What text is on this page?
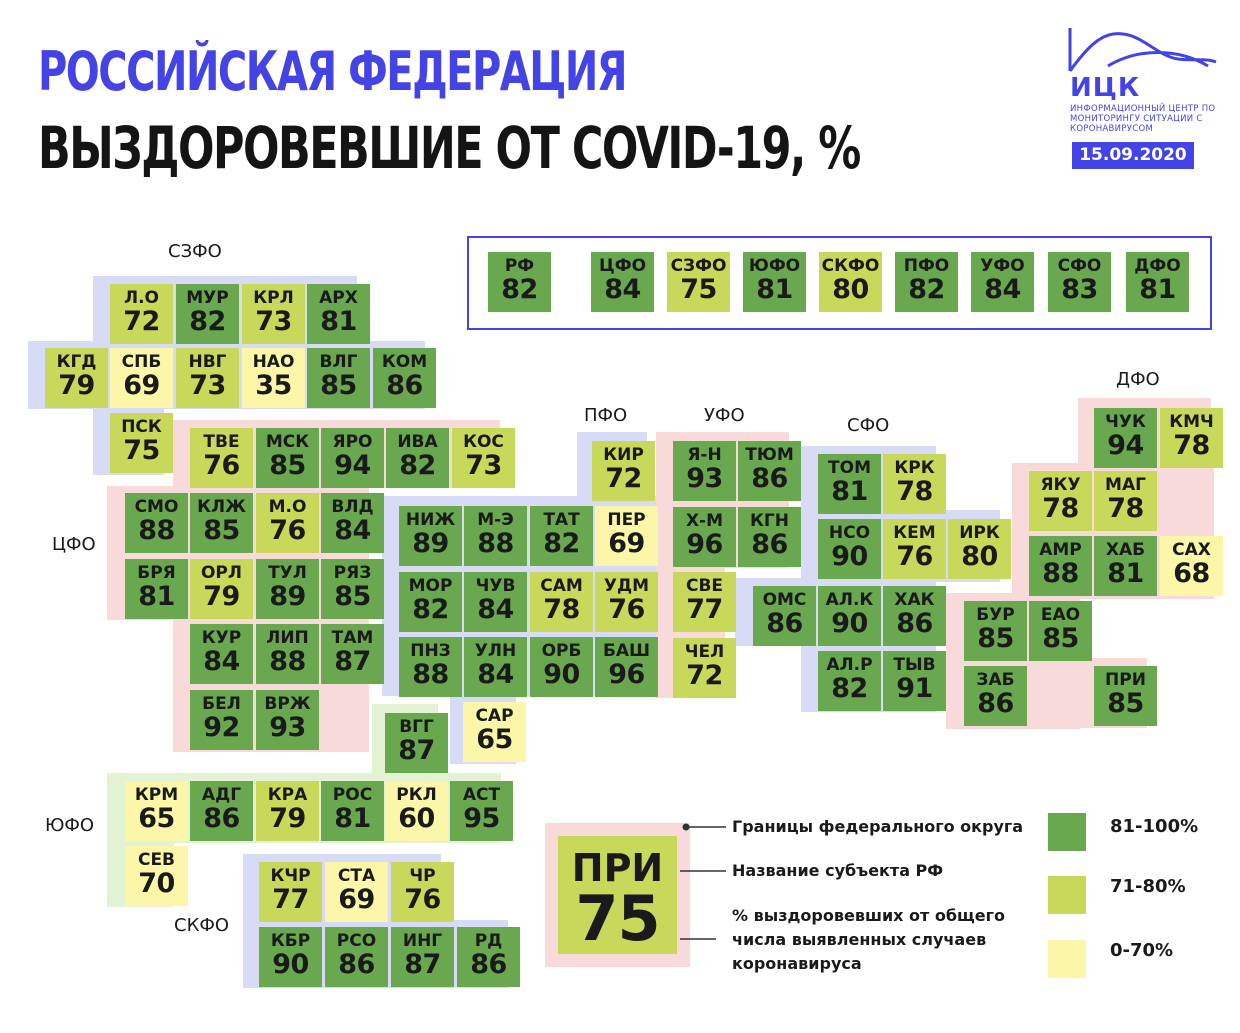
РОССИЙСКАЯ ФЕДЕРАЦИЯ
ВЫЗДОРОВЕВШИЕ ОТ COVID-19, %
ИЦК
ИНФОРМАЦИОННЫЙ ЦЕНТР ПО МОНИТОРИНГУ СИТУАЦИИ С КОРОНАВИРУСОМ
15.09.2020
РФ
82
ЦФО
84
СЗФО
75
ЮФО
81
СКФО
80
ПФО
82
УФО
84
СФО
83
ДФО
81
Л.О
72
МУР
82
КРЛ
73
АРХ
81
КГД
79
СПБ
69
НВГ
73
НАО
35
ВЛГ
85
КОМ
86
ПСК
75	ТВЕ
76
МСК
85
ЯРО
94
ИВА
82
КОС
73
СМО
88
КЛЖ
85
М.О
76
ВЛД
84
БРЯ
81
ОРЛ
79
ТУЛ
89
РЯЗ
85
КУР
84
ЛИП
88
ТАМ
87
БЕЛ
92
ВРЖ
93
КИР
72
НИЖ
89
М-Э
88
ТАТ
82
ПЕР
69
МОР
82
ЧУВ
84
САМ
78
УДМ
76
ПНЗ
88
УЛН
84
ОРБ
90
БАШ
96
САР
65
Я-Н
93
ТЮМ
86
Х-М
96
КГН
86
СВЕ
77
ЧЕЛ
72
ТОМ
81
КРК
78
НСО
90
КЕМ
76
ИРК
80
ОМС
86
АЛ.К
90
ХАК
86
АЛ.Р
82
ТЫВ
91
ЧУК
94
КМЧ
78
ЯКУ
78
МАГ
78
АМР
88
ХАБ
81
САХ
68
БУР
85
ЕАО
85
ЗАБ
86
ПРИ
85
ВГГ
87
КРМ
65
АДГ
86
КРА
79
РОС
81
РКЛ
60
АСТ
95
СЕВ
70	КЧР
77
СТА
69
ЧР
76
КБР
90
РСО
86
ИНГ
87
РД
86
СЗФО
ЦФО
ПФО	УФО	СФО
ДФО
ЮФО
СКФО
ПРИ
75
Границы федерального округа
Название субъекта РФ
% выздоровевших от общего числа выявленных случаев коронавируса
81-100%
71-80%
0-70%
